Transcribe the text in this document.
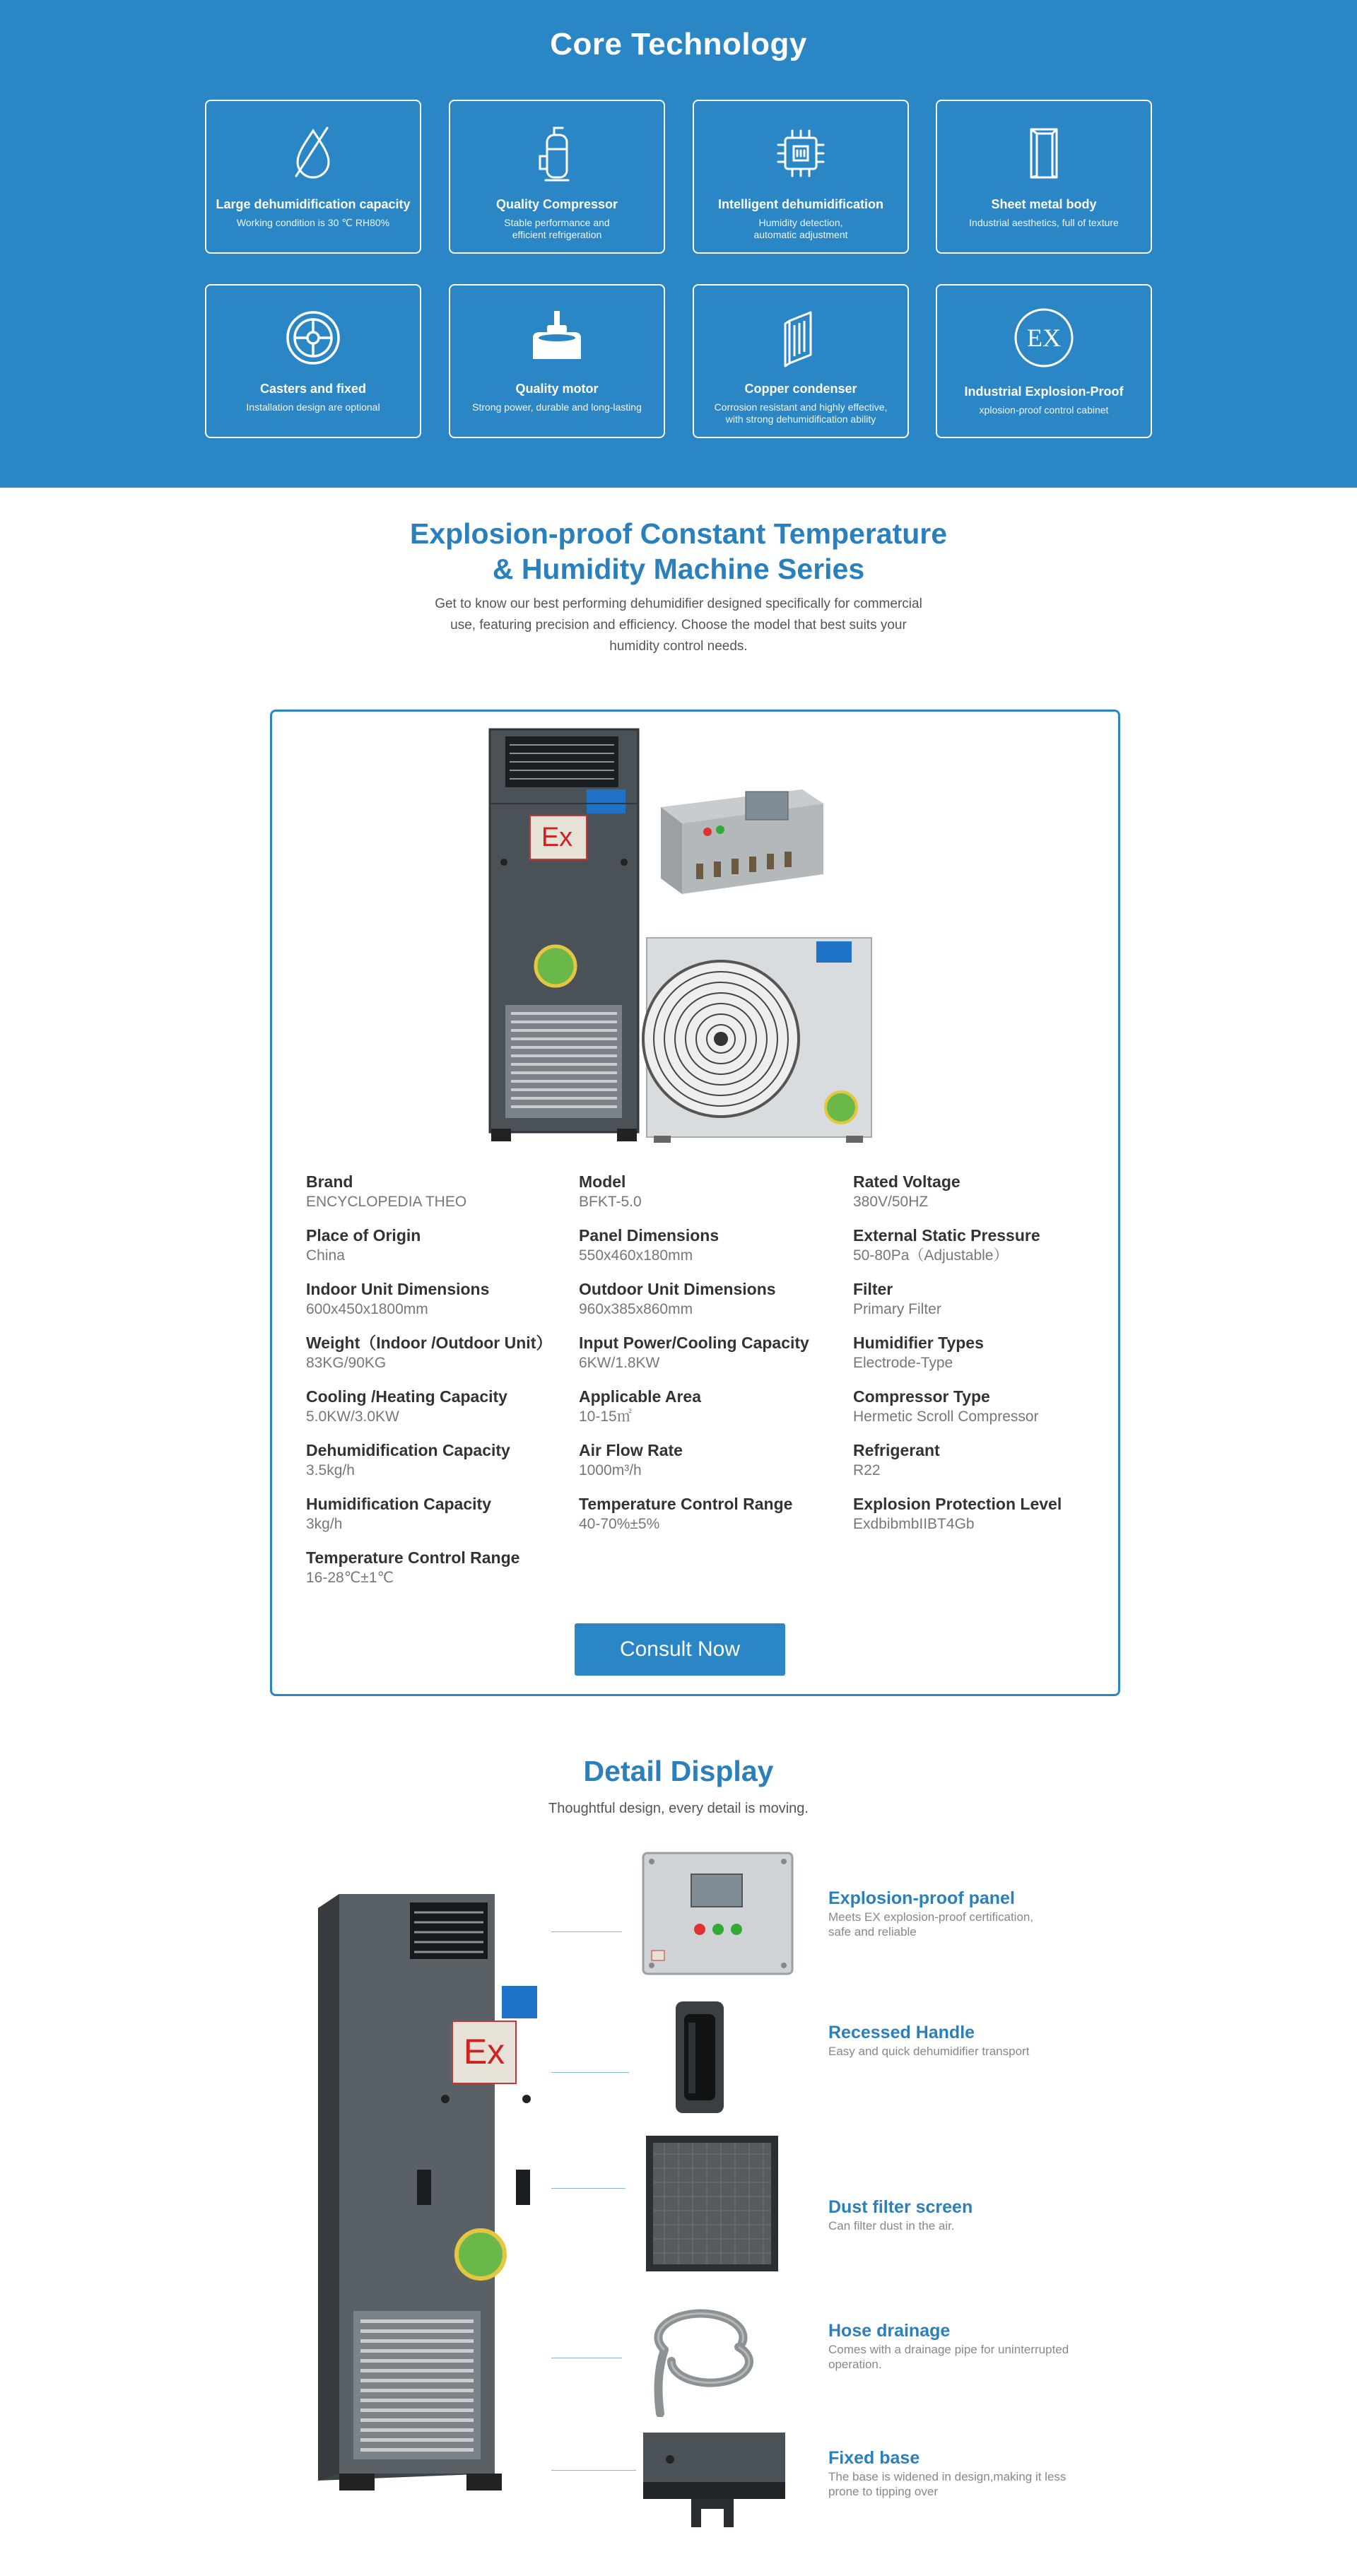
Core Technology
Large dehumidification capacity
Working condition is 30 ℃ RH80%
Quality Compressor
Stable performance and
efficient refrigeration
Intelligent dehumidification
Humidity detection,
automatic adjustment
Sheet metal body
Industrial aesthetics, full of texture
Casters and fixed
Installation design are optional
Quality motor
Strong power, durable and long-lasting
Copper condenser
Corrosion resistant and highly effective,
with strong dehumidification ability
EX
Industrial Explosion-Proof
xplosion-proof control cabinet
Explosion-proof Constant Temperature
& Humidity Machine Series

Get to know our best performing dehumidifier designed specifically for commercial use, featuring precision and efficiency. Choose the model that best suits your humidity control needs.

Ex
Brand
ENCYCLOPEDIA THEO
Model
BFKT-5.0
Rated Voltage
380V/50HZ
Place of Origin
China
Panel Dimensions
550x460x180mm
External Static Pressure
50-80Pa（Adjustable）
Indoor Unit Dimensions
600x450x1800mm
Outdoor Unit Dimensions
960x385x860mm
Filter
Primary Filter
Weight（Indoor /Outdoor Unit）
83KG/90KG
Input Power/Cooling Capacity
6KW/1.8KW
Humidifier Types
Electrode-Type
Cooling /Heating Capacity
5.0KW/3.0KW
Applicable Area
10-15㎡
Compressor Type
Hermetic Scroll Compressor
Dehumidification Capacity
3.5kg/h
Air Flow Rate
1000m³/h
Refrigerant
R22
Humidification Capacity
3kg/h
Temperature Control Range
40-70%±5%
Explosion Protection Level
ExdbibmbIIBT4Gb
Temperature Control Range
16-28℃±1℃
Consult Now
Detail Display

Thoughtful design, every detail is moving.

Ex
Explosion-proof panel
Meets EX explosion-proof certification,
safe and reliable
Recessed Handle
Easy and quick dehumidifier transport
Dust filter screen
Can filter dust in the air.
Hose drainage
Comes with a drainage pipe for uninterrupted
operation.
Fixed base
The base is widened in design,making it less
prone to tipping over
